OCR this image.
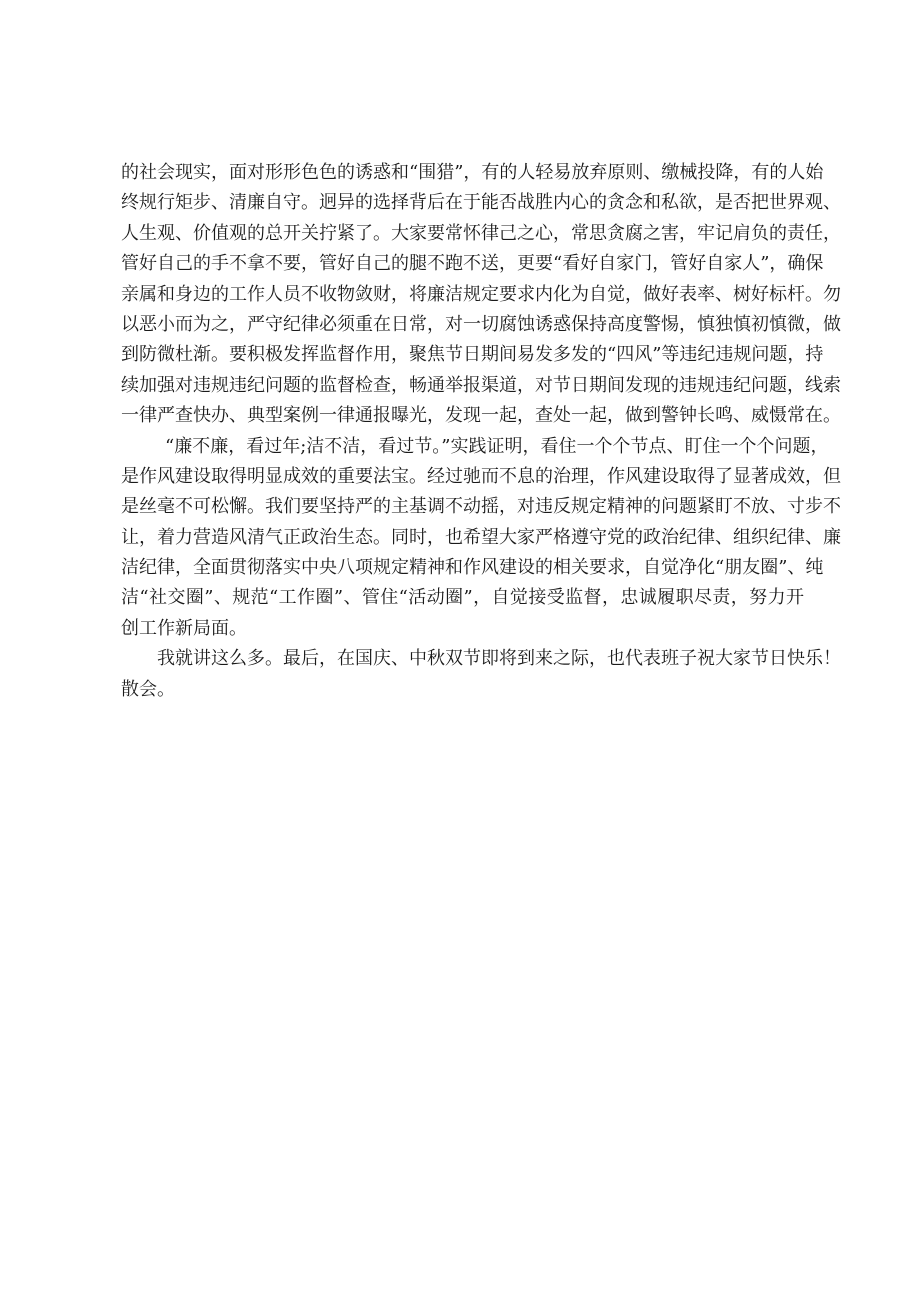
的社会现实，面对形形色色的诱惑和“围猎”，有的人轻易放弃原则、缴械投降，有的人始
终规行矩步、清廉自守。迥异的选择背后在于能否战胜内心的贪念和私欲，是否把世界观、
人生观、价值观的总开关拧紧了。大家要常怀律己之心，常思贪腐之害，牢记肩负的责任，
管好自己的手不拿不要，管好自己的腿不跑不送，更要“看好自家门，管好自家人”，确保
亲属和身边的工作人员不收物敛财，将廉洁规定要求内化为自觉，做好表率、树好标杆。勿
以恶小而为之，严守纪律必须重在日常，对一切腐蚀诱惑保持高度警惕，慎独慎初慎微，做
到防微杜渐。要积极发挥监督作用，聚焦节日期间易发多发的“四风”等违纪违规问题，持
续加强对违规违纪问题的监督检查，畅通举报渠道，对节日期间发现的违规违纪问题，线索
一律严查快办、典型案例一律通报曝光，发现一起，查处一起，做到警钟长鸣、威慑常在。
“廉不廉，看过年;洁不洁，看过节。”实践证明，看住一个个节点、盯住一个个问题，
是作风建设取得明显成效的重要法宝。经过驰而不息的治理，作风建设取得了显著成效，但
是丝毫不可松懈。我们要坚持严的主基调不动摇，对违反规定精神的问题紧盯不放、寸步不
让，着力营造风清气正政治生态。同时，也希望大家严格遵守党的政治纪律、组织纪律、廉
洁纪律，全面贯彻落实中央八项规定精神和作风建设的相关要求，自觉净化“朋友圈”、纯
洁“社交圈”、规范“工作圈”、管住“活动圈”，自觉接受监督，忠诚履职尽责，努力开
创工作新局面。
我就讲这么多。最后，在国庆、中秋双节即将到来之际，也代表班子祝大家节日快乐！
散会。
